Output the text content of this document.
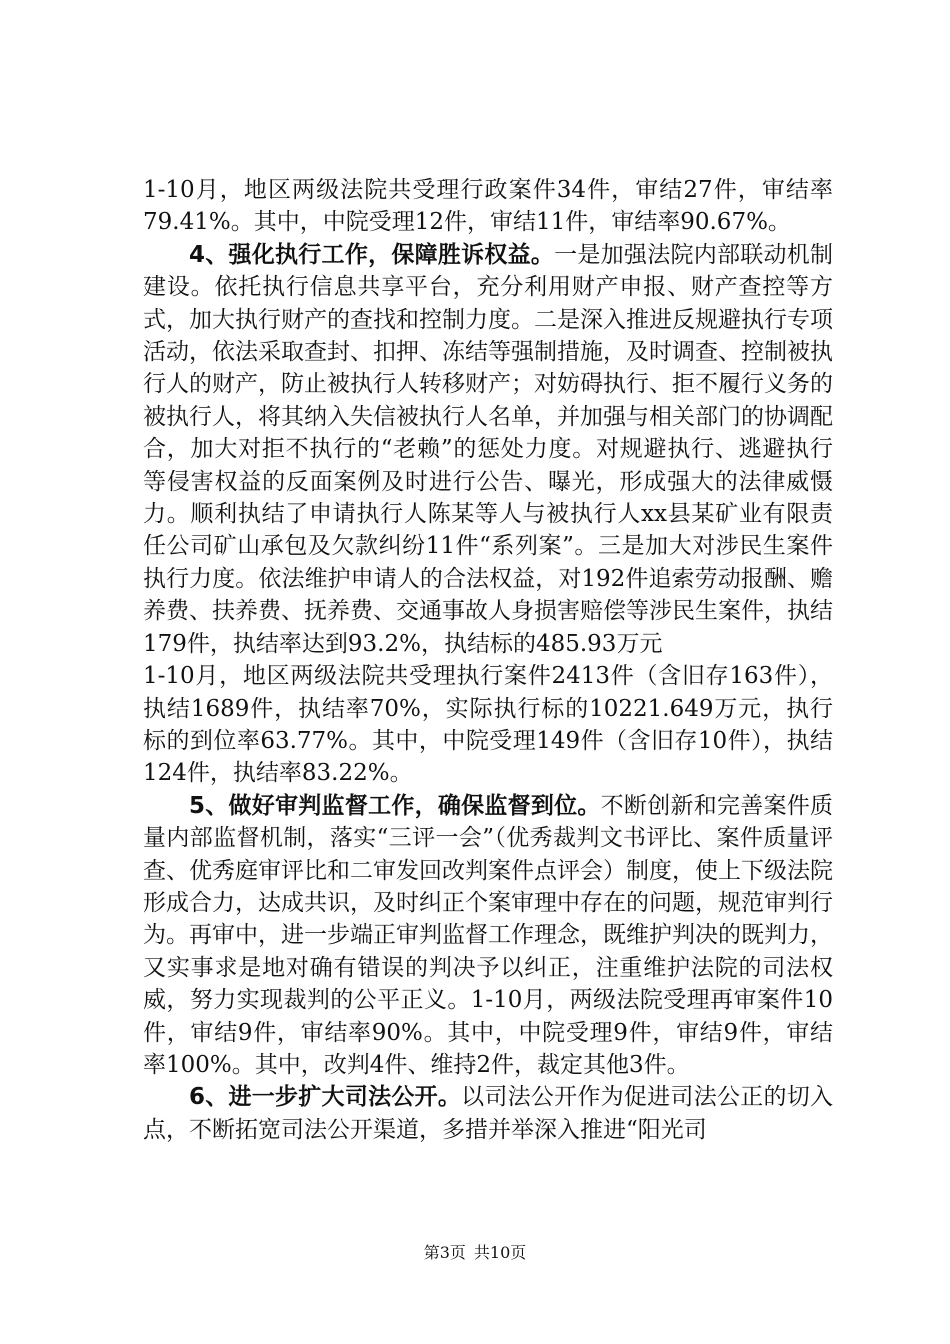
1-10月，地区两级法院共受理行政案件34件，审结27件，审结率79.41%。其中，中院受理12件，审结11件，审结率90.67%。

4、强化执行工作，保障胜诉权益。一是加强法院内部联动机制建设。依托执行信息共享平台，充分利用财产申报、财产查控等方式，加大执行财产的查找和控制力度。二是深入推进反规避执行专项活动，依法采取查封、扣押、冻结等强制措施，及时调查、控制被执行人的财产，防止被执行人转移财产；对妨碍执行、拒不履行义务的被执行人，将其纳入失信被执行人名单，并加强与相关部门的协调配合，加大对拒不执行的“老赖”的惩处力度。对规避执行、逃避执行等侵害权益的反面案例及时进行公告、曝光，形成强大的法律威慑力。顺利执结了申请执行人陈某等人与被执行人xx县某矿业有限责任公司矿山承包及欠款纠纷11件“系列案”。三是加大对涉民生案件执行力度。依法维护申请人的合法权益，对192件追索劳动报酬、赡养费、扶养费、抚养费、交通事故人身损害赔偿等涉民生案件，执结179件，执结率达到93.2%，执结标的485.93万元

1-10月，地区两级法院共受理执行案件2413件（含旧存163件），执结1689件，执结率70%，实际执行标的10221.649万元，执行标的到位率63.77%。其中，中院受理149件（含旧存10件），执结124件，执结率83.22%。

5、做好审判监督工作，确保监督到位。不断创新和完善案件质量内部监督机制，落实“三评一会”（优秀裁判文书评比、案件质量评查、优秀庭审评比和二审发回改判案件点评会）制度，使上下级法院形成合力，达成共识，及时纠正个案审理中存在的问题，规范审判行为。再审中，进一步端正审判监督工作理念，既维护判决的既判力，又实事求是地对确有错误的判决予以纠正，注重维护法院的司法权威，努力实现裁判的公平正义。1-10月，两级法院受理再审案件10件，审结9件，审结率90%。其中，中院受理9件，审结9件，审结率100%。其中，改判4件、维持2件，裁定其他3件。

6、进一步扩大司法公开。以司法公开作为促进司法公正的切入点，不断拓宽司法公开渠道，多措并举深入推进“阳光司

第3页 共10页
